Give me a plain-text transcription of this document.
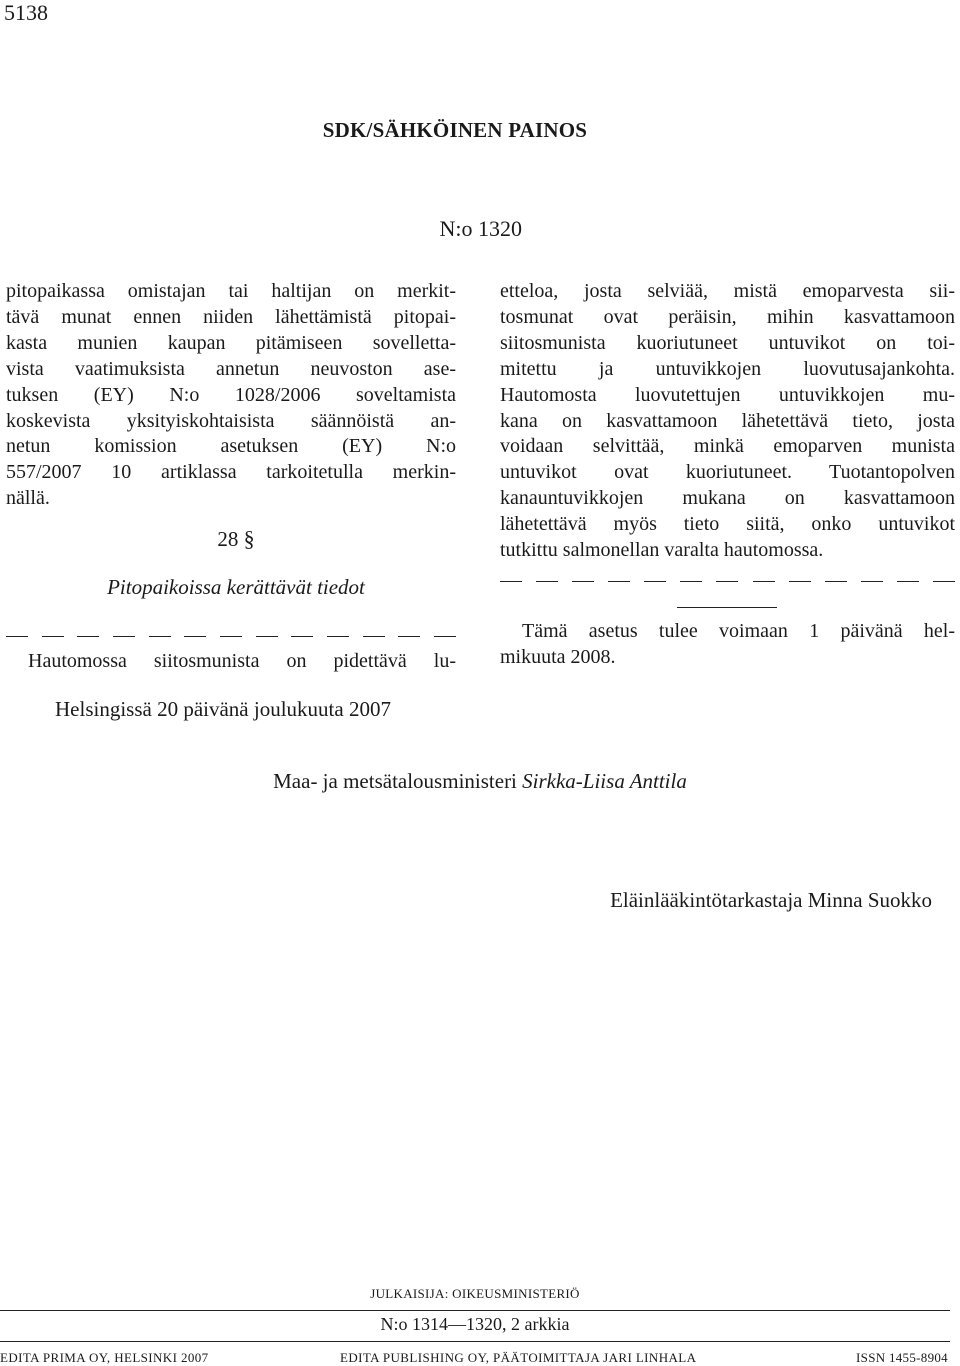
5138
SDK/SÄHKÖINEN PAINOS
N:o 1320
pitopaikassa omistajan tai haltijan on merkit-
tävä munat ennen niiden lähettämistä pitopai-
kasta munien kaupan pitämiseen sovelletta-
vista vaatimuksista annetun neuvoston ase-
tuksen (EY) N:o 1028/2006 soveltamista
koskevista yksityiskohtaisista säännöistä an-
netun komission asetuksen (EY) N:o
557/2007 10 artiklassa tarkoitetulla merkin-
nällä.
28 §
Pitopaikoissa kerättävät tiedot
Hautomossa siitosmunista on pidettävä lu-
etteloa, josta selviää, mistä emoparvesta sii-
tosmunat ovat peräisin, mihin kasvattamoon
siitosmunista kuoriutuneet untuvikot on toi-
mitettu ja untuvikkojen luovutusajankohta.
Hautomosta luovutettujen untuvikkojen mu-
kana on kasvattamoon lähetettävä tieto, josta
voidaan selvittää, minkä emoparven munista
untuvikot ovat kuoriutuneet. Tuotantopolven
kanauntuvikkojen mukana on kasvattamoon
lähetettävä myös tieto siitä, onko untuvikot
tutkittu salmonellan varalta hautomossa.
Tämä asetus tulee voimaan 1 päivänä hel-
mikuuta 2008.
Helsingissä 20 päivänä joulukuuta 2007
Maa- ja metsätalousministeri Sirkka-Liisa Anttila
Eläinlääkintötarkastaja Minna Suokko
JULKAISIJA: OIKEUSMINISTERIÖ
N:o 1314—1320, 2 arkkia
EDITA PRIMA OY, HELSINKI 2007	EDITA PUBLISHING OY, PÄÄTOIMITTAJA JARI LINHALA	ISSN 1455-8904
